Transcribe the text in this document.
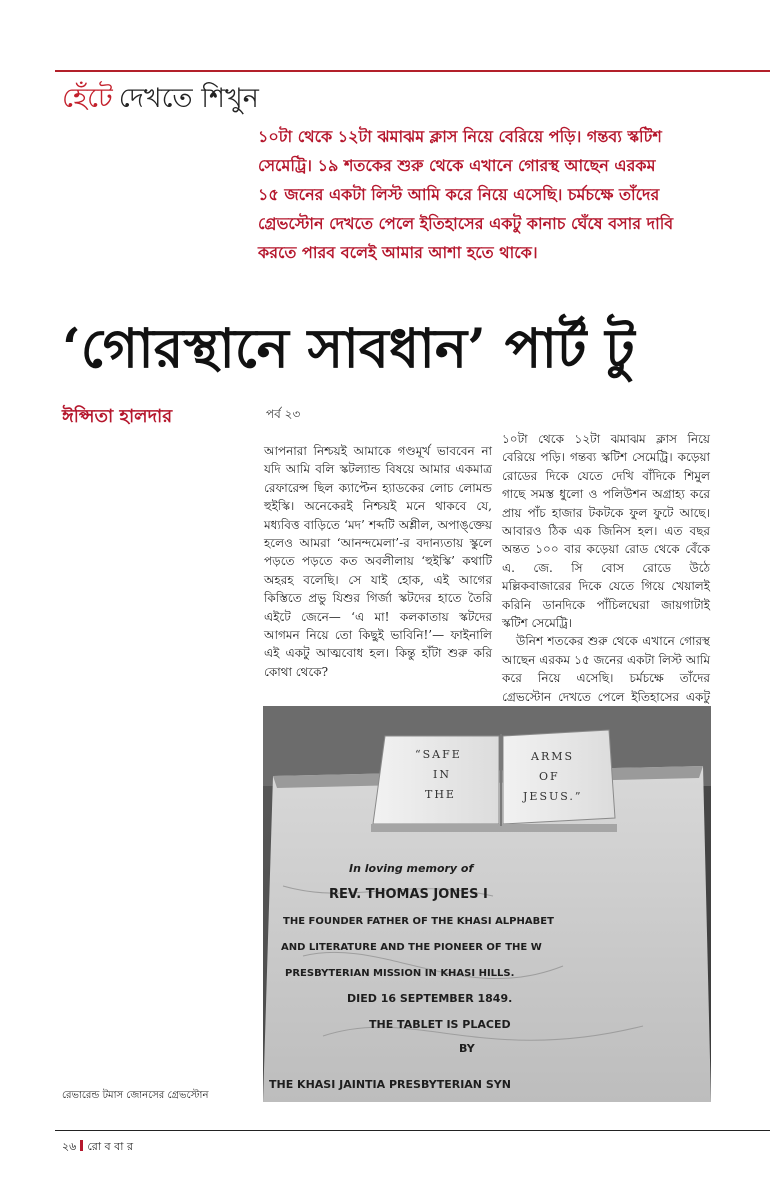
হেঁটে দেখতে শিখুন
১০টা থেকে ১২টা ঝমাঝম ক্লাস নিয়ে বেরিয়ে পড়ি। গন্তব্য স্কটিশ সেমেট্রি। ১৯ শতকের শুরু থেকে এখানে গোরস্থ আছেন এরকম ১৫ জনের একটা লিস্ট আমি করে নিয়ে এসেছি। চর্মচক্ষে তাঁদের গ্রেভস্টোন দেখতে পেলে ইতিহাসের একটু কানাচ ঘেঁষে বসার দাবি করতে পারব বলেই আমার আশা হতে থাকে।
‘গোরস্থানে সাবধান’ পার্ট টু
ঈপ্সিতা হালদার	পর্ব ২৩
আপনারা নিশ্চয়ই আমাকে গণ্ডমূর্খ ভাববেন না যদি আমি বলি স্কটল্যান্ড বিষয়ে আমার একমাত্র রেফারেন্স ছিল ক্যাপ্টেন হ্যাডকের লোচ লোমন্ড হুইস্কি। অনেকেরই নিশ্চয়ই মনে থাকবে যে, মধ্যবিত্ত বাড়িতে ‘মদ’ শব্দটি অশ্লীল, অপাঙ্‌ক্তেয় হলেও আমরা ‘আনন্দমেলা’-র বদান্যতায় স্কুলে পড়তে পড়তে কত অবলীলায় ‘হুইস্কি’ কথাটি অহরহ বলেছি। সে যাই হোক, এই আগের কিস্তিতে প্রভু যিশুর গির্জা স্কটদের হাতে তৈরি এইটে জেনে— ‘এ মা! কলকাতায় স্কটদের আগমন নিয়ে তো কিছুই ভাবিনি!’— ফাইনালি এই একটু আত্মবোধ হল। কিন্তু হাঁটা শুরু করি কোথা থেকে?

১০টা থেকে ১২টা ঝমাঝম ক্লাস নিয়ে বেরিয়ে পড়ি। গন্তব্য স্কটিশ সেমেট্রি। কড়েয়া রোডের দিকে যেতে দেখি বাঁদিকে শিমুল গাছে সমস্ত ধুলো ও পলিউশন অগ্রাহ্য করে প্রায় পাঁচ হাজার টকটকে ফুল ফুটে আছে। আবারও ঠিক এক জিনিস হল। এত বছর অন্তত ১০০ বার কড়েয়া রোড থেকে বেঁকে এ. জে. সি বোস রোডে উঠে মল্লিকবাজারের দিকে যেতে গিয়ে খেয়ালই করিনি ডানদিকে পাঁচিলঘেরা জায়গাটাই স্কটিশ সেমেট্রি।

উনিশ শতকের শুরু থেকে এখানে গোরস্থ আছেন এরকম ১৫ জনের একটা লিস্ট আমি করে নিয়ে এসেছি। চর্মচক্ষে তাঁদের গ্রেভস্টোন দেখতে পেলে ইতিহাসের একটু

“SAFE
IN
THE
ARMS
OF
JESUS.”
In loving memory of
REV. THOMAS JONES I
THE FOUNDER FATHER OF THE KHASI ALPHABET
AND LITERATURE AND THE PIONEER OF THE W
PRESBYTERIAN MISSION IN KHASI HILLS.
DIED 16 SEPTEMBER 1849.
THE TABLET IS PLACED
BY
THE KHASI JAINTIA PRESBYTERIAN SYN
রেভারেন্ড টমাস জোনসের গ্রেভস্টোন
২৬ রো ব বা র
